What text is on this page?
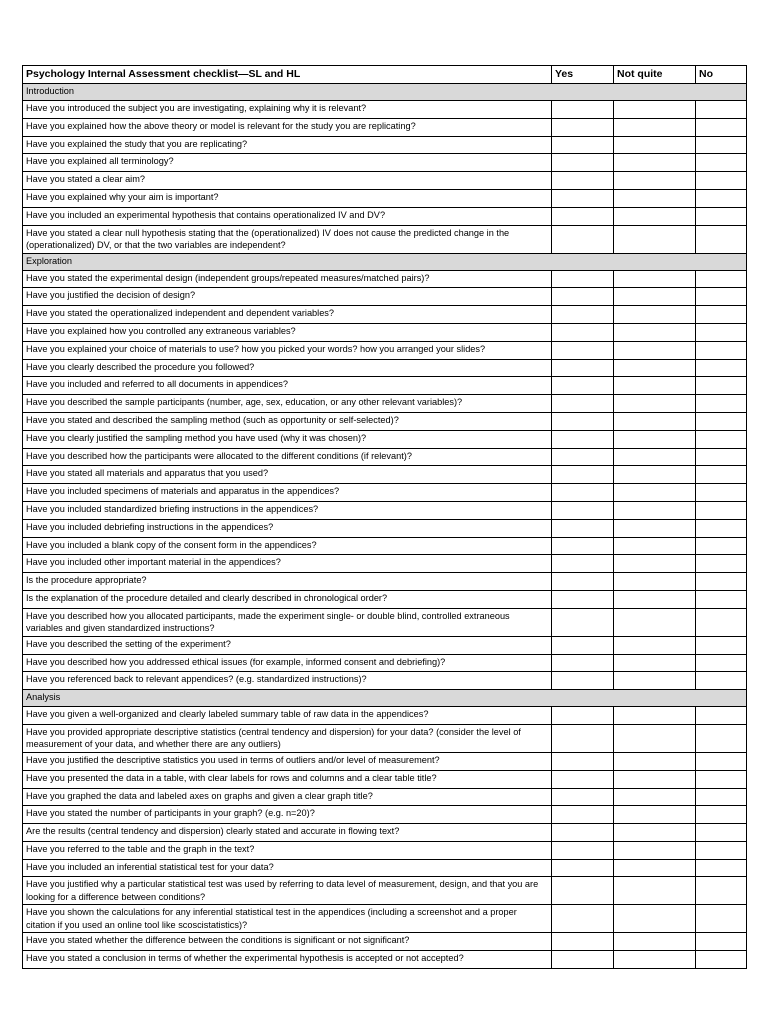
Psychology Internal Assessment checklist—SL and HL	Yes	Not quite	No
Introduction			
Have you introduced the subject you are investigating, explaining why it is relevant?			
Have you explained how the above theory or model is relevant for the study you are replicating?			
Have you explained the study that you are replicating?			
Have you explained all terminology?			
Have you stated a clear aim?			
Have you explained why your aim is important?			
Have you included an experimental hypothesis that contains operationalized IV and DV?			
Have you stated a clear null hypothesis stating that the (operationalized) IV does not cause the predicted change in the (operationalized) DV, or that the two variables are independent?			
Exploration			
Have you stated the experimental design (independent groups/repeated measures/matched pairs)?			
Have you justified the decision of design?			
Have you stated the operationalized independent and dependent variables?			
Have you explained how you controlled any extraneous variables?			
Have you explained your choice of materials to use? how you picked your words? how you arranged your slides?			
Have you clearly described the procedure you followed?			
Have you included and referred to all documents in appendices?			
Have you described the sample participants (number, age, sex, education, or any other relevant variables)?			
Have you stated and described the sampling method (such as opportunity or self-selected)?			
Have you clearly justified the sampling method you have used (why it was chosen)?			
Have you described how the participants were allocated to the different conditions (if relevant)?			
Have you stated all materials and apparatus that you used?			
Have you included specimens of materials and apparatus in the appendices?			
Have you included standardized briefing instructions in the appendices?			
Have you included debriefing instructions in the appendices?			
Have you included a blank copy of the consent form in the appendices?			
Have you included other important material in the appendices?			
Is the procedure appropriate?			
Is the explanation of the procedure detailed and clearly described in chronological order?			
Have you described how you allocated participants, made the experiment single- or double blind, controlled extraneous variables and given standardized instructions?			
Have you described the setting of the experiment?			
Have you described how you addressed ethical issues (for example, informed consent and debriefing)?			
Have you referenced back to relevant appendices? (e.g. standardized instructions)?			
Analysis			
Have you given a well-organized and clearly labeled summary table of raw data in the appendices?			
Have you provided appropriate descriptive statistics (central tendency and dispersion) for your data? (consider the level of measurement of your data, and whether there are any outliers)			
Have you justified the descriptive statistics you used in terms of outliers and/or level of measurement?			
Have you presented the data in a table, with clear labels for rows and columns and a clear table title?			
Have you graphed the data and labeled axes on graphs and given a clear graph title?			
Have you stated the number of participants in your graph? (e.g. n=20)?			
Are the results (central tendency and dispersion) clearly stated and accurate in flowing text?			
Have you referred to the table and the graph in the text?			
Have you included an inferential statistical test for your data?			
Have you justified why a particular statistical test was used by referring to data level of measurement, design, and that you are looking for a difference between conditions?			
Have you shown the calculations for any inferential statistical test in the appendices (including a screenshot and a proper citation if you used an online tool like scoscistatistics)?			
Have you stated whether the difference between the conditions is significant or not significant?			
Have you stated a conclusion in terms of whether the experimental hypothesis is accepted or not accepted?			
